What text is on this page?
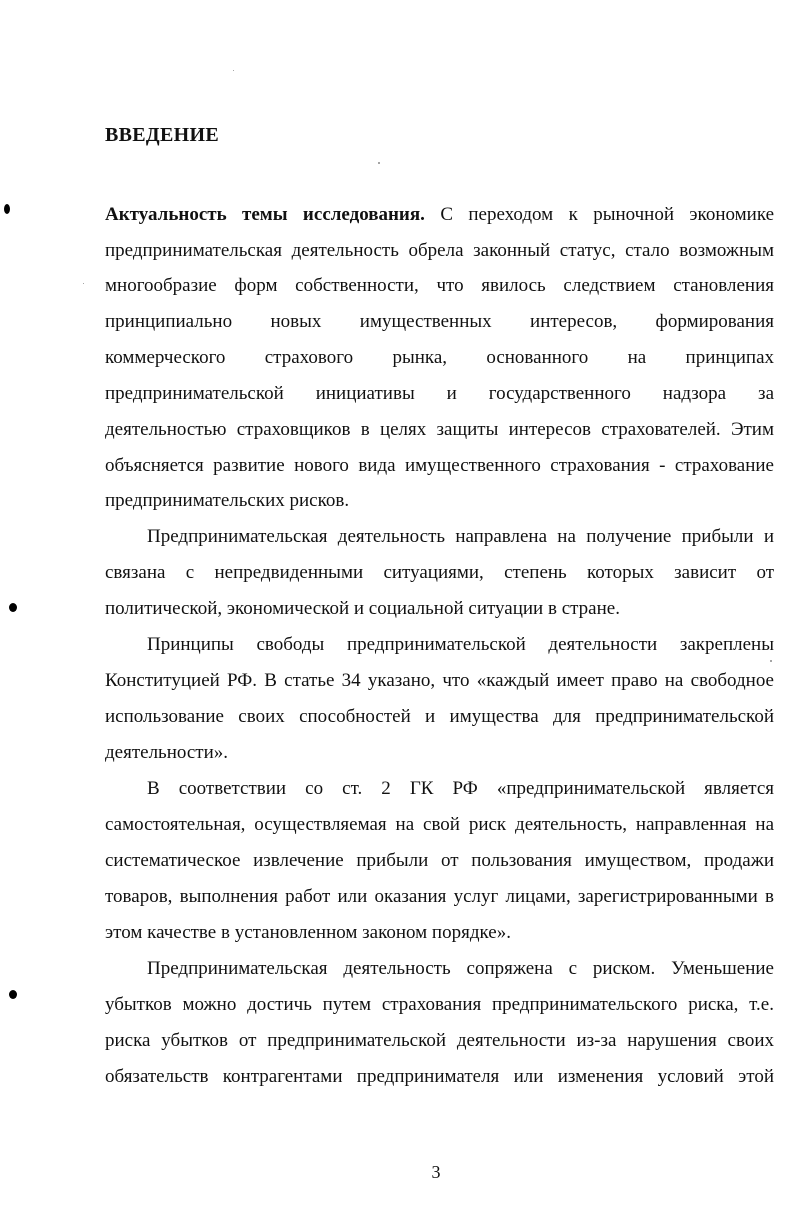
ВВЕДЕНИЕ
Актуальность темы исследования. С переходом к рыночной экономике
предпринимательская деятельность обрела законный статус, стало возможным
многообразие форм собственности, что явилось следствием становления
принципиально новых имущественных интересов, формирования
коммерческого страхового рынка, основанного на принципах
предпринимательской инициативы и государственного надзора за
деятельностью страховщиков в целях защиты интересов страхователей. Этим
объясняется развитие нового вида имущественного страхования - страхование
предпринимательских рисков.
Предпринимательская деятельность направлена на получение прибыли и
связана с непредвиденными ситуациями, степень которых зависит от
политической, экономической и социальной ситуации в стране.
Принципы свободы предпринимательской деятельности закреплены
Конституцией РФ. В статье 34 указано, что «каждый имеет право на свободное
использование своих способностей и имущества для предпринимательской
деятельности».
В соответствии со ст. 2 ГК РФ «предпринимательской является
самостоятельная, осуществляемая на свой риск деятельность, направленная на
систематическое извлечение прибыли от пользования имуществом, продажи
товаров, выполнения работ или оказания услуг лицами, зарегистрированными в
этом качестве в установленном законом порядке».
Предпринимательская деятельность сопряжена с риском. Уменьшение
убытков можно достичь путем страхования предпринимательского риска, т.е.
риска убытков от предпринимательской деятельности из-за нарушения своих
обязательств контрагентами предпринимателя или изменения условий этой
3
